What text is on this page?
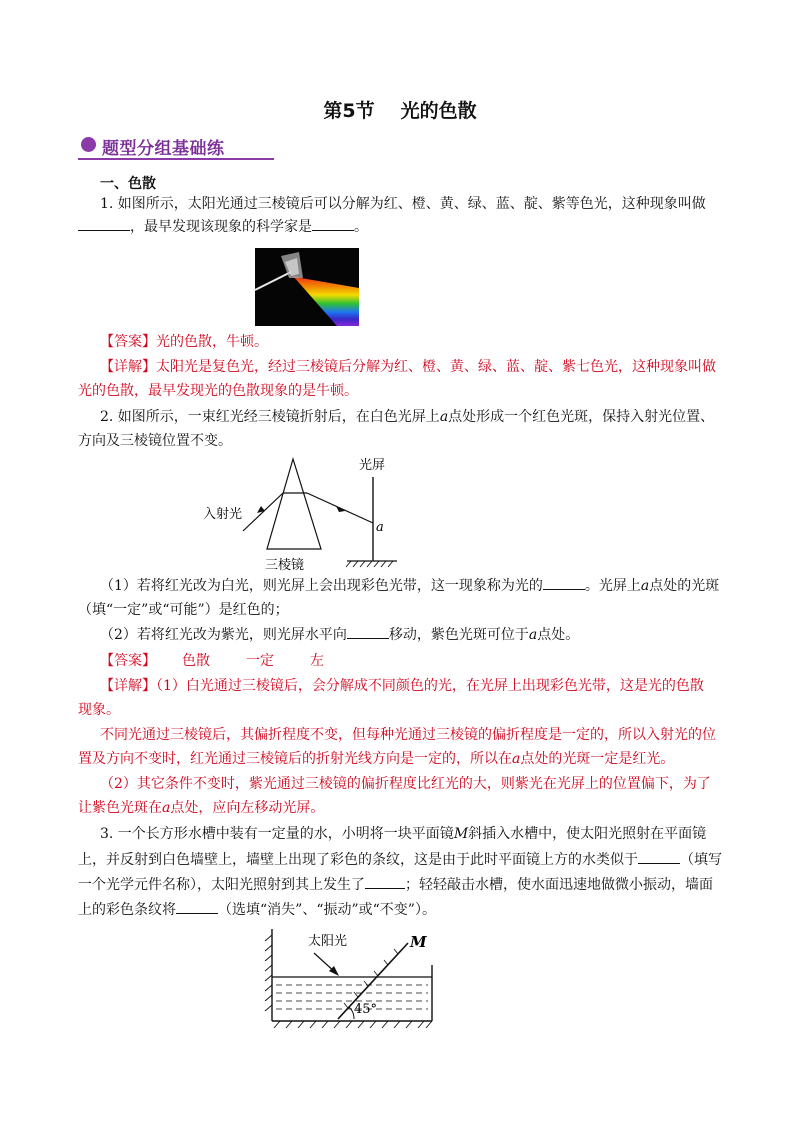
第5节 光的色散
题型分组基础练
一、色散
1. 如图所示，太阳光通过三棱镜后可以分解为红、橙、黄、绿、蓝、靛、紫等色光，这种现象叫做
，最早发现该现象的科学家是	。
【答案】光的色散，牛顿。
【详解】太阳光是复色光，经过三棱镜后分解为红、橙、黄、绿、蓝、靛、紫七色光，这种现象叫做
光的色散，最早发现光的色散现象的是牛顿。
2. 如图所示，一束红光经三棱镜折射后，在白色光屏上a点处形成一个红色光斑，保持入射光位置、
方向及三棱镜位置不变。
入射光
三棱镜
光屏
a
（1）若将红光改为白光，则光屏上会出现彩色光带，这一现象称为光的	。光屏上a点处的光斑
（填“一定”或“可能”）是红色的；
（2）若将红光改为紫光，则光屏水平向	移动，紫色光斑可位于a点处。
【答案】 色散	一定	左
【详解】（1）白光通过三棱镜后，会分解成不同颜色的光，在光屏上出现彩色光带，这是光的色散
现象。
不同光通过三棱镜后，其偏折程度不变，但每种光通过三棱镜的偏折程度是一定的，所以入射光的位
置及方向不变时，红光通过三棱镜后的折射光线方向是一定的，所以在a点处的光斑一定是红光。
（2）其它条件不变时，紫光通过三棱镜的偏折程度比红光的大，则紫光在光屏上的位置偏下，为了
让紫色光斑在a点处，应向左移动光屏。
3. 一个长方形水槽中装有一定量的水，小明将一块平面镜M斜插入水槽中，使太阳光照射在平面镜
上，并反射到白色墙壁上，墙壁上出现了彩色的条纹，这是由于此时平面镜上方的水类似于	（填写
一个光学元件名称），太阳光照射到其上发生了	；轻轻敲击水槽，使水面迅速地做微小振动，墙面
上的彩色条纹将	（选填“消失”、“振动”或“不变”）。
太阳光	M
45°
